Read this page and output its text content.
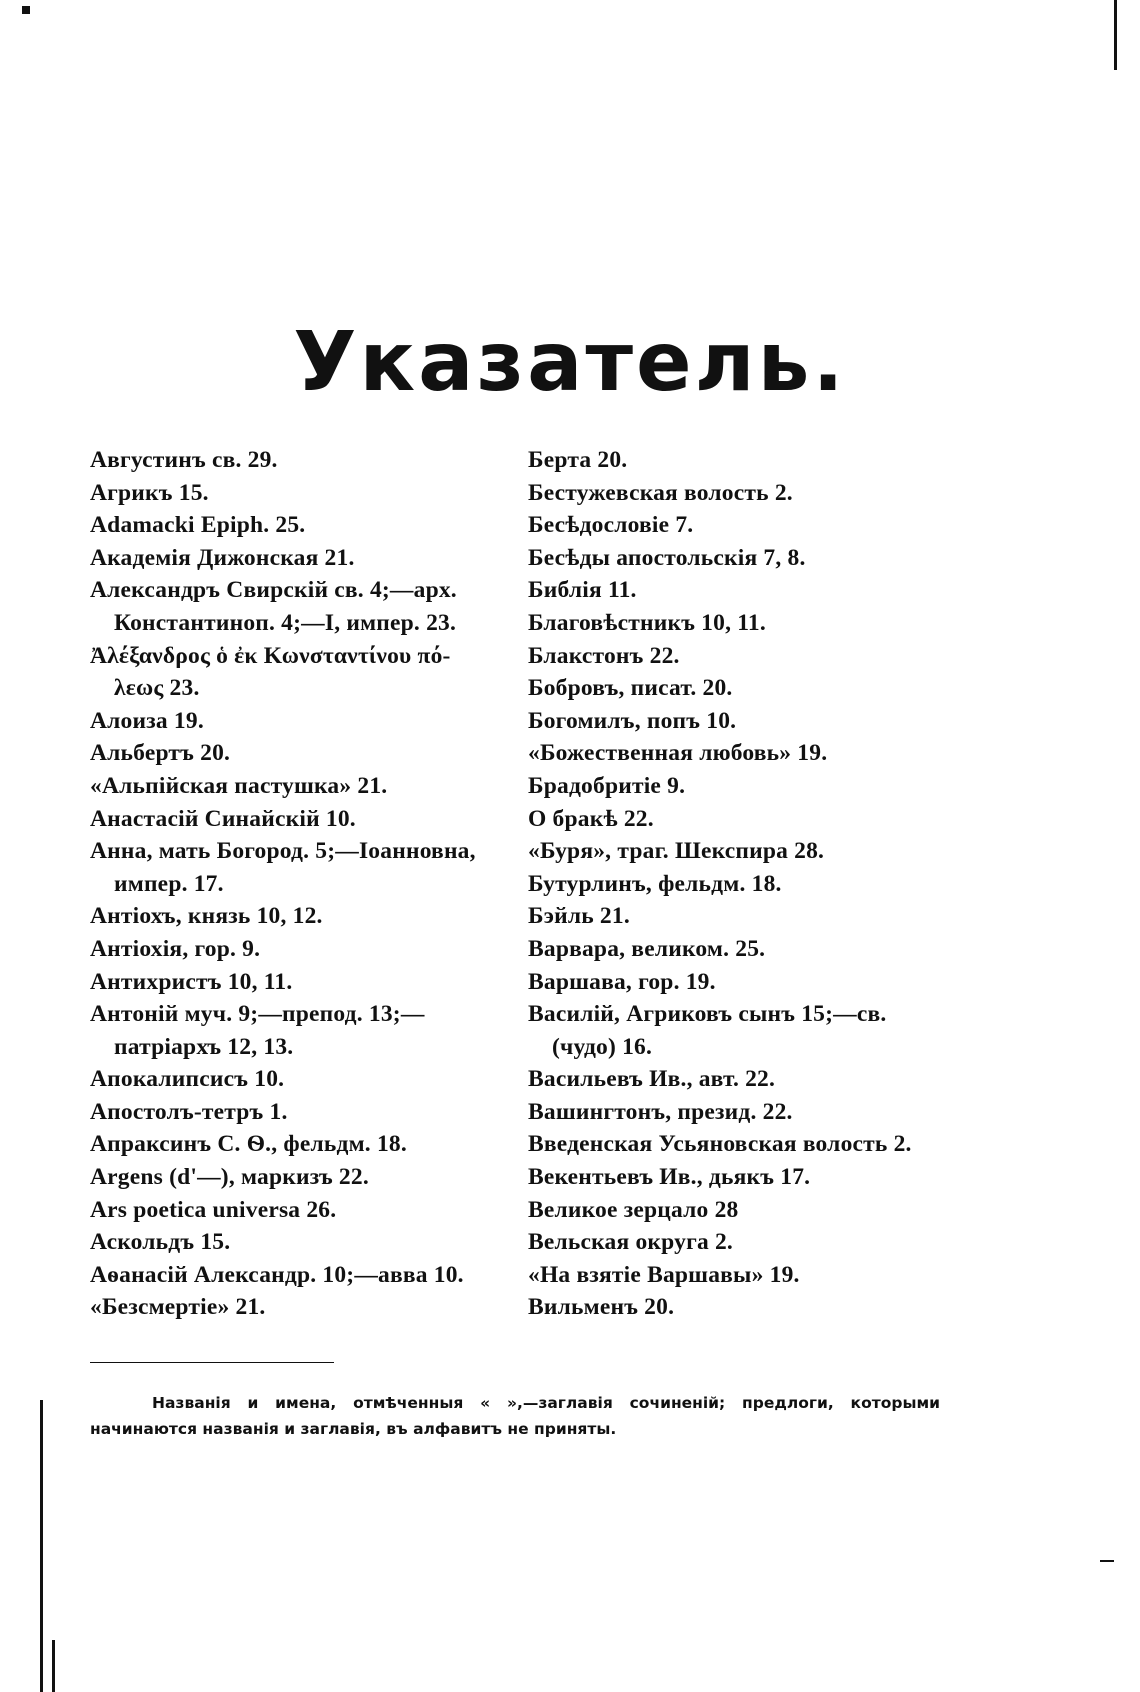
Указатель.
Августинъ св. 29.
Агрикъ 15.
Adamacki Epiph. 25.
Академія Дижонская 21.
Александръ Свирскій св. 4;—арх.
Константиноп. 4;—I, импер. 23.
Ἀλέξανδρος ὁ ἐκ Κωνσταντίνου πό-
λεως 23.
Алоиза 19.
Альбертъ 20.
«Альпійская пастушка» 21.
Анастасій Синайскій 10.
Анна, мать Богород. 5;—Іоанновна,
импер. 17.
Антіохъ, князь 10, 12.
Антіохія, гор. 9.
Антихристъ 10, 11.
Антоній муч. 9;—препод. 13;—
патріархъ 12, 13.
Апокалипсисъ 10.
Апостолъ-тетръ 1.
Апраксинъ С. Ѳ., фельдм. 18.
Argens (d'—), маркизъ 22.
Ars poetica universa 26.
Аскольдъ 15.
Аѳанасій Александр. 10;—авва 10.
«Безсмертіе» 21.
Берта 20.
Бестужевская волость 2.
Бесѣдословіе 7.
Бесѣды апостольскія 7, 8.
Библія 11.
Благовѣстникъ 10, 11.
Блакстонъ 22.
Бобровъ, писат. 20.
Богомилъ, попъ 10.
«Божественная любовь» 19.
Брадобритіе 9.
О бракѣ 22.
«Буря», траг. Шекспира 28.
Бутурлинъ, фельдм. 18.
Бэйль 21.
Варвара, великом. 25.
Варшава, гор. 19.
Василій, Агриковъ сынъ 15;—св.
(чудо) 16.
Васильевъ Ив., авт. 22.
Вашингтонъ, презид. 22.
Введенская Усьяновская волость 2.
Векентьевъ Ив., дьякъ 17.
Великое зерцало 28
Вельская округа 2.
«На взятіе Варшавы» 19.
Вильменъ 20.

Названія и имена, отмѣченныя « »,—заглавія сочиненій; предлоги, которыми начинаются названія и заглавія, въ алфавитъ не приняты.
